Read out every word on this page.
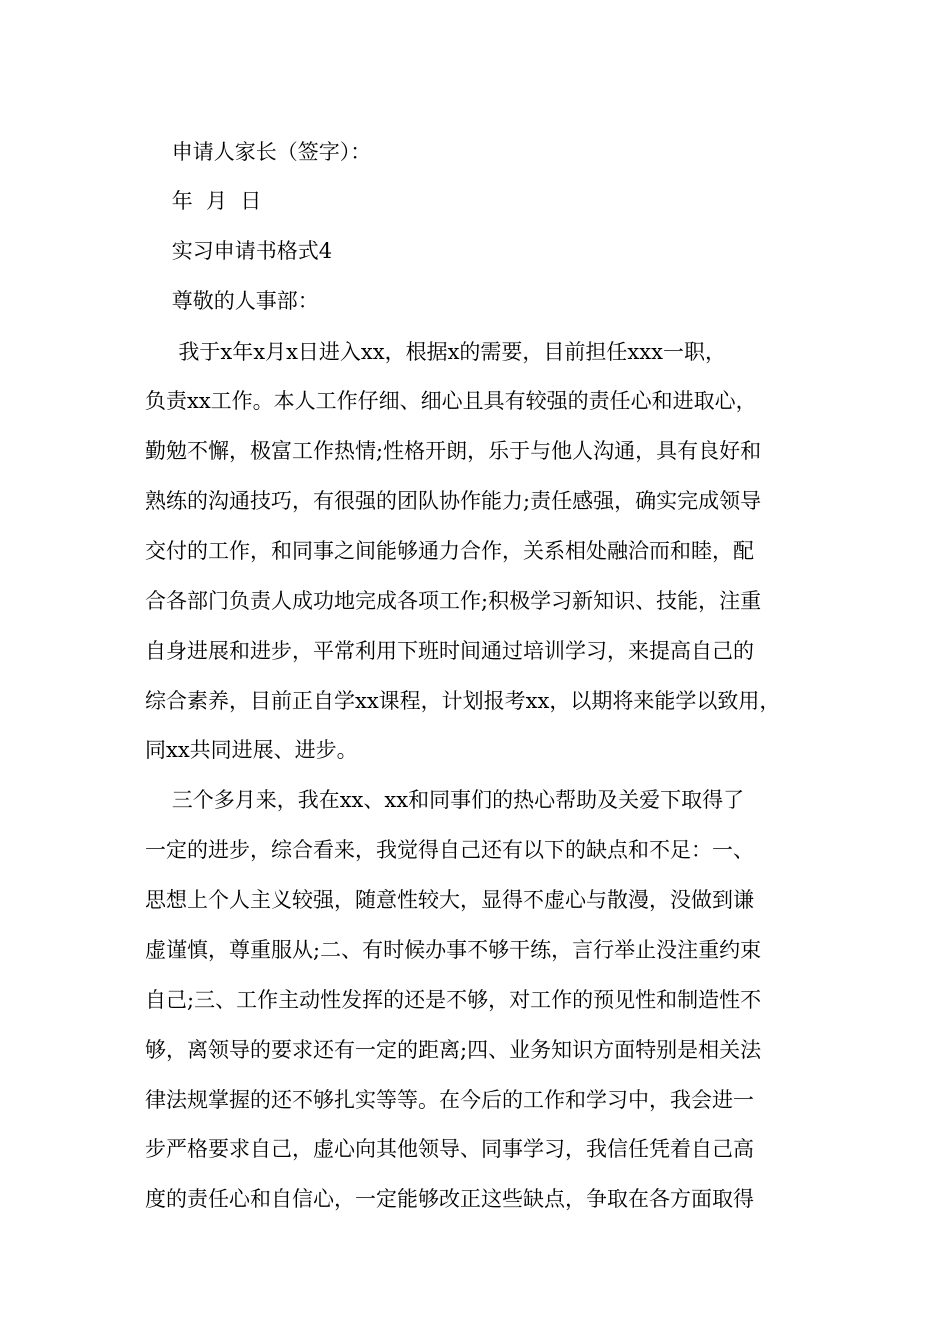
申请人家长（签字）：
年  月  日
实习申请书格式4
尊敬的人事部：
我于x年x月x日进入xx，根据x的需要，目前担任xxx一职，
负责xx工作。本人工作仔细、细心且具有较强的责任心和进取心，
勤勉不懈，极富工作热情;性格开朗，乐于与他人沟通，具有良好和
熟练的沟通技巧，有很强的团队协作能力;责任感强，确实完成领导
交付的工作，和同事之间能够通力合作，关系相处融洽而和睦，配
合各部门负责人成功地完成各项工作;积极学习新知识、技能，注重
自身进展和进步，平常利用下班时间通过培训学习，来提高自己的
综合素养，目前正自学xx课程，计划报考xx，以期将来能学以致用，
同xx共同进展、进步。
三个多月来，我在xx、xx和同事们的热心帮助及关爱下取得了
一定的进步，综合看来，我觉得自己还有以下的缺点和不足：一、
思想上个人主义较强，随意性较大，显得不虚心与散漫，没做到谦
虚谨慎，尊重服从;二、有时候办事不够干练，言行举止没注重约束
自己;三、工作主动性发挥的还是不够，对工作的预见性和制造性不
够，离领导的要求还有一定的距离;四、业务知识方面特别是相关法
律法规掌握的还不够扎实等等。在今后的工作和学习中，我会进一
步严格要求自己，虚心向其他领导、同事学习，我信任凭着自己高
度的责任心和自信心，一定能够改正这些缺点，争取在各方面取得
